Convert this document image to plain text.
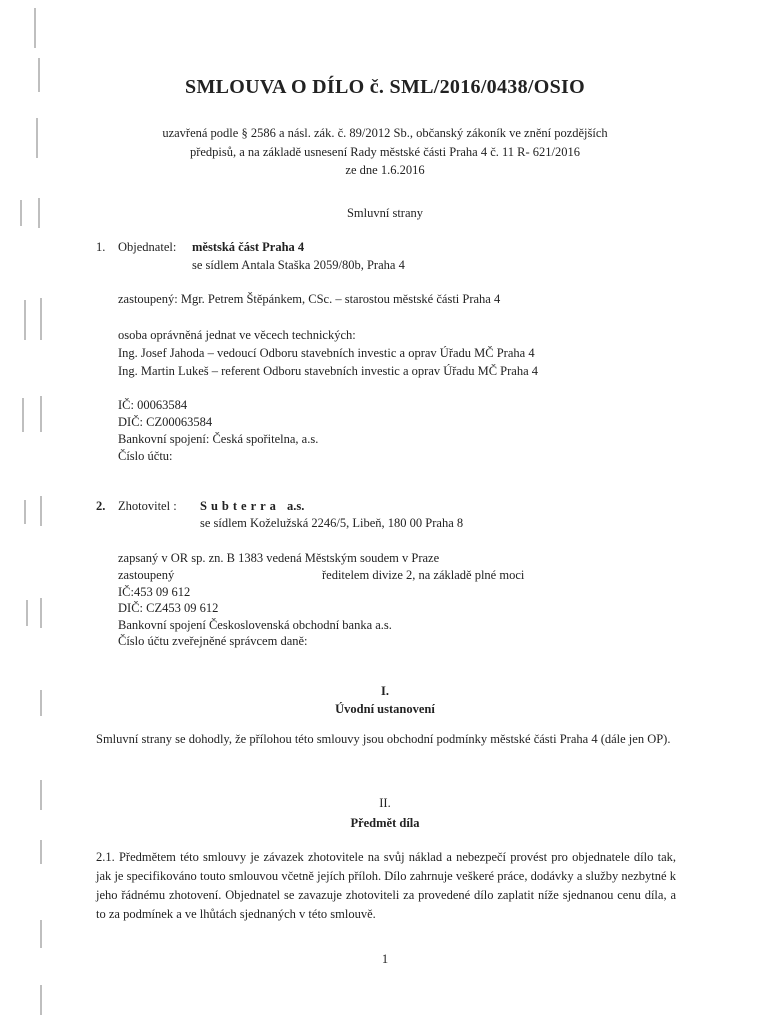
SMLOUVA O DÍLO č. SML/2016/0438/OSIO
uzavřená podle § 2586 a násl. zák. č. 89/2012 Sb., občanský zákoník ve znění pozdějších
předpisů, a na základě usnesení Rady městské části Praha 4 č. 11 R- 621/2016
ze dne 1.6.2016
Smluvní strany
1. Objednatel: městská část Praha 4
se sídlem Antala Staška 2059/80b, Praha 4
zastoupený: Mgr. Petrem Štěpánkem, CSc. – starostou městské části Praha 4
osoba oprávněná jednat ve věcech technických:
Ing. Josef Jahoda – vedoucí Odboru stavebních investic a oprav Úřadu MČ Praha 4
Ing. Martin Lukeš – referent Odboru stavebních investic a oprav Úřadu MČ Praha 4
IČ: 00063584
DIČ: CZ00063584
Bankovní spojení: Česká spořitelna, a.s.
Číslo účtu:
2. Zhotovitel : Subterra a.s.
se sídlem Koželužská 2246/5, Libeň, 180 00 Praha 8
zapsaný v OR sp. zn. B 1383 vedená Městským soudem v Praze
zastoupený	ředitelem divize 2, na základě plné moci
IČ:453 09 612
DIČ: CZ453 09 612
Bankovní spojení Československá obchodní banka a.s.
Číslo účtu zveřejněné správcem daně:
I.
Úvodní ustanovení
Smluvní strany se dohodly, že přílohou této smlouvy jsou obchodní podmínky městské části Praha 4 (dále jen OP).
II.
Předmět díla
2.1. Předmětem této smlouvy je závazek zhotovitele na svůj náklad a nebezpečí provést pro objednatele dílo tak, jak je specifikováno touto smlouvou včetně jejích příloh. Dílo zahrnuje veškeré práce, dodávky a služby nezbytné k jeho řádnému zhotovení. Objednatel se zavazuje zhotoviteli za provedené dílo zaplatit níže sjednanou cenu díla, a to za podmínek a ve lhůtách sjednaných v této smlouvě.
1
